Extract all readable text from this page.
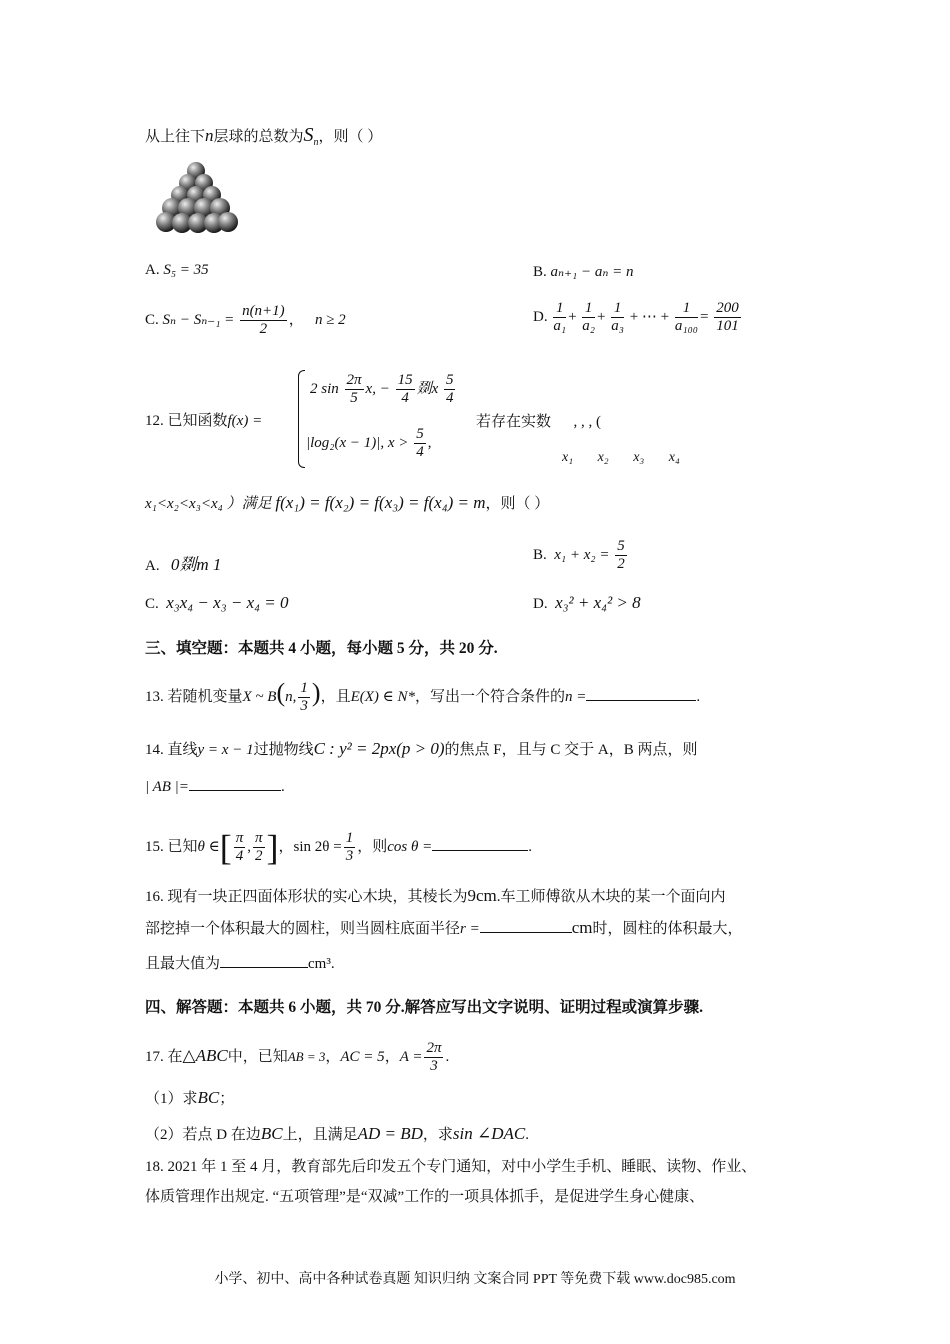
从上往下n层球的总数为$S_n$，则（ ）
A. S₅ = 35	B. aₙ₊₁ − aₙ = n
C. $S_n - S_{n-1} = \frac{n(n+1)}{2}$ ，   n ≥ 2	D. $\frac{1}{\text{a₁}} + \frac{1}{\text{a₂}} + \frac{1}{\text{a₃}}$ + ⋯ + $\frac{1}{\text{a₁₀₀}} = \frac{200}{101}$
12. 已知函数f(x) =
2 $\sin \frac{2\pi}{5} x$, − $\frac{15}{4}$ 剟x $\frac{5}{4}$
|log₂(x − 1)|, $x > \frac{5}{4}$ ,
若存在实数 , , , (
x₁ x₂ x₃ x₄
x₁<x₂<x₃<x₄ ）满足 f(x₁) = f(x₂) = f(x₃) = f(x₄) = m，则（ ）
A. 0剟m 1
B. $x_1 + x_2 = \frac{5}{2}$
C. x₃x₄ − x₃ − x₄ = 0	D. x₃² + x₄² > 8
三、填空题：本题共 4 小题，每小题 5 分，共 20 分.
13. 若随机变量X ~ B(n, $\frac{1}{3}$ )，且E(X) ∈ N*，写出一个符合条件的n =	.
14. 直线y = x − 1过抛物线C : y² = 2px(p > 0)的焦点 F，且与 C 交于 A，B 两点，则
| AB |=	.
15. 已知θ ∈[ $\frac{\pi}{4}$ , $\frac{\pi}{2}$ ]，$\sin 2\theta = \frac{1}{3}$ ，则cos θ =	.
16. 现有一块正四面体形状的实心木块，其棱长为9cm.车工师傅欲从木块的某一个面向内
部挖掉一个体积最大的圆柱，则当圆柱底面半径r =	cm时，圆柱的体积最大，
且最大值为	cm³.
四、解答题：本题共 6 小题，共 70 分.解答应写出文字说明、证明过程或演算步骤.
17. 在△ABC中，已知AB = 3，AC = 5，$A = \frac{2\pi}{3}$ .
（1）求BC；
（2）若点 D 在边BC上，且满足AD = BD，求sin ∠DAC.
18. 2021 年 1 至 4 月，教育部先后印发五个专门通知，对中小学生手机、睡眠、读物、作业、
体质管理作出规定. “五项管理”是“双减”工作的一项具体抓手，是促进学生身心健康、
小学、初中、高中各种试卷真题 知识归纳 文案合同 PPT 等免费下载 www.doc985.com
